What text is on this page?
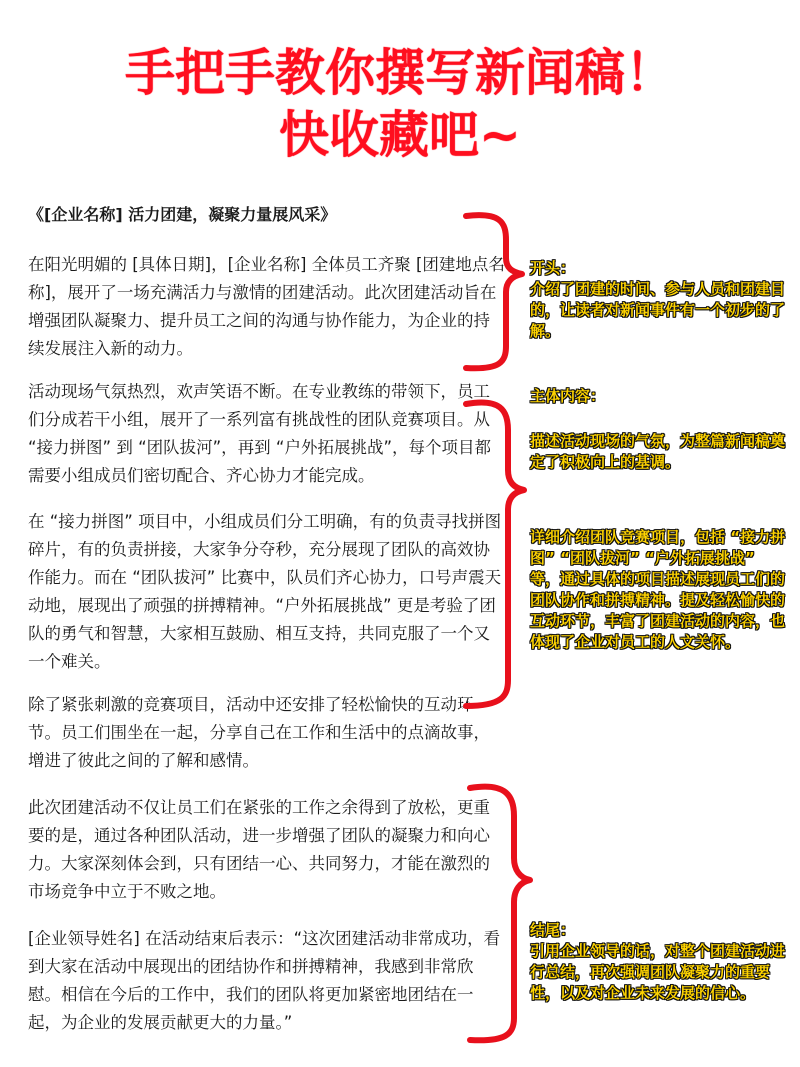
手把手教你撰写新闻稿！
快收藏吧~
《[企业名称] 活力团建，凝聚力量展风采》

在阳光明媚的 [具体日期]，[企业名称] 全体员工齐聚 [团建地点名称]，展开了一场充满活力与激情的团建活动。此次团建活动旨在增强团队凝聚力、提升员工之间的沟通与协作能力，为企业的持续发展注入新的动力。

活动现场气氛热烈，欢声笑语不断。在专业教练的带领下，员工们分成若干小组，展开了一系列富有挑战性的团队竞赛项目。从 “接力拼图” 到 “团队拔河”，再到 “户外拓展挑战”，每个项目都需要小组成员们密切配合、齐心协力才能完成。

在 “接力拼图” 项目中，小组成员们分工明确，有的负责寻找拼图碎片，有的负责拼接，大家争分夺秒，充分展现了团队的高效协作能力。而在 “团队拔河” 比赛中，队员们齐心协力，口号声震天动地，展现出了顽强的拼搏精神。“户外拓展挑战” 更是考验了团队的勇气和智慧，大家相互鼓励、相互支持，共同克服了一个又一个难关。

除了紧张刺激的竞赛项目，活动中还安排了轻松愉快的互动环节。员工们围坐在一起，分享自己在工作和生活中的点滴故事，增进了彼此之间的了解和感情。

此次团建活动不仅让员工们在紧张的工作之余得到了放松，更重要的是，通过各种团队活动，进一步增强了团队的凝聚力和向心力。大家深刻体会到，只有团结一心、共同努力，才能在激烈的市场竞争中立于不败之地。

[企业领导姓名] 在活动结束后表示：“这次团建活动非常成功，看到大家在活动中展现出的团结协作和拼搏精神，我感到非常欣慰。相信在今后的工作中，我们的团队将更加紧密地团结在一起，为企业的发展贡献更大的力量。”

开头：
介绍了团建的时间、参与人员和团建目的，让读者对新闻事件有一个初步的了解。
主体内容：
描述活动现场的气氛，为整篇新闻稿奠定了积极向上的基调。
详细介绍团队竞赛项目，包括 “接力拼图” “团队拔河” “户外拓展挑战” 等，通过具体的项目描述展现员工们的团队协作和拼搏精神。提及轻松愉快的互动环节，丰富了团建活动的内容，也体现了企业对员工的人文关怀。
结尾：
引用企业领导的话，对整个团建活动进行总结，再次强调团队凝聚力的重要性，以及对企业未来发展的信心。
